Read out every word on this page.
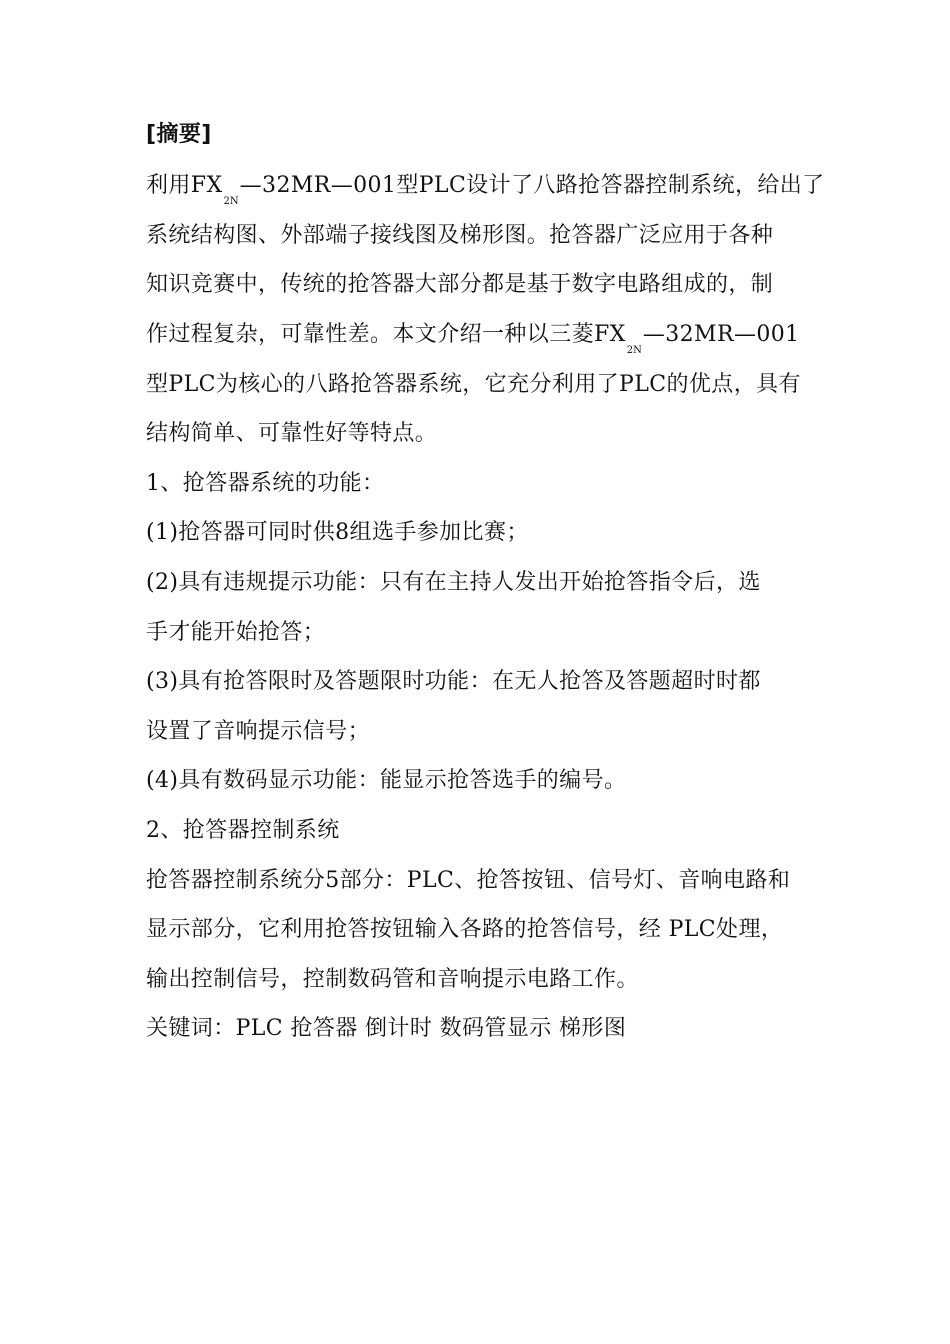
[摘要]
利用FX2N—32MR—001型PLC设计了八路抢答器控制系统，给出了
系统结构图、外部端子接线图及梯形图。抢答器广泛应用于各种
知识竞赛中，传统的抢答器大部分都是基于数字电路组成的，制
作过程复杂，可靠性差。本文介绍一种以三菱FX2N—32MR—001
型PLC为核心的八路抢答器系统，它充分利用了PLC的优点，具有
结构简单、可靠性好等特点。
1、抢答器系统的功能：
(1)抢答器可同时供8组选手参加比赛；
(2)具有违规提示功能：只有在主持人发出开始抢答指令后，选
手才能开始抢答；
(3)具有抢答限时及答题限时功能：在无人抢答及答题超时时都
设置了音响提示信号；
(4)具有数码显示功能：能显示抢答选手的编号。
2、抢答器控制系统
抢答器控制系统分5部分：PLC、抢答按钮、信号灯、音响电路和
显示部分，它利用抢答按钮输入各路的抢答信号，经 PLC处理，
输出控制信号，控制数码管和音响提示电路工作。
关键词：PLC 抢答器 倒计时 数码管显示 梯形图
